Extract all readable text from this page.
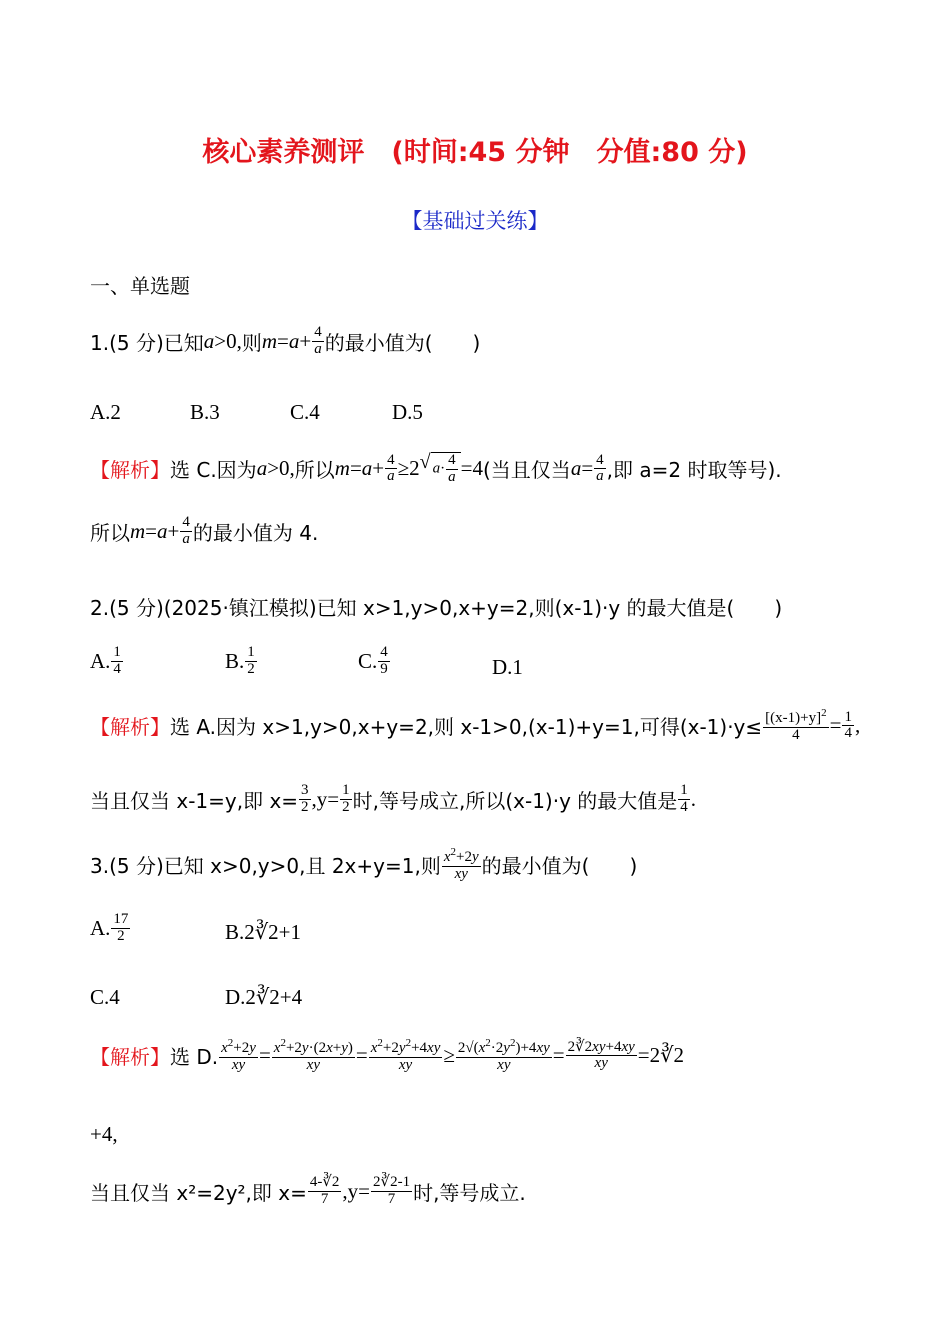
核心素养测评　(时间:45 分钟　分值:80 分)
【基础过关练】
一、单选题
1.(5 分)已知 a >0, 则 $m = a + \frac{4}{a}$ 的最小值为(　　)
A.2	B.3	C.4	D.5
【解析】 选 C.因为 a >0, 所以 $m = a + \frac{4}{a} \ge 2$ √ $a\cdot \frac{4}{a} =4$ (当且仅当 $a = \frac{4}{a}$ ,即 a=2 时取等号).
所以 $m = a + \frac{4}{a}$ 的最小值为 4.
2.(5 分)(2025·镇江模拟)已知 x>1,y>0,x+y=2,则(x-1)·y 的最大值是(　　)
A. $\frac{1}{4}$	B. $\frac{1}{2}$	C. $\frac{4}{9}$	D.1
【解析】 选 A.因为 x>1,y>0,x+y=2,则 x-1>0,(x-1)+y=1,可得$(x-1)\cdot y\le \frac{[(x-1)+y]^2}{4} = \frac{1}{4}$ ,
当且仅当 x-1=y,即 $x= \frac{3}{2} ,y= \frac{1}{2}$ 时,等号成立,所以(x-1)·y 的最大值是 $\frac{1}{4}$ .
3.(5 分)已知 x>0,y>0,且 2x+y=1,则 $\frac{x^2+2y}{xy}$ 的最小值为(　　)
A. $\frac{17}{2}$	B.2∛2+1
C.4	D.2∛2+4
【解析】 选 D. $\frac{x^2+2y}{xy} = \frac{x^2+2y\cdot(2x+y)}{xy} = \frac{x^2+2y^2+4xy}{xy} \ge \frac{2√(x^2\cdot 2y^2)+4xy}{xy} = \frac{2∛2xy+4xy}{xy}$ =2∛2
+4,
当且仅当 x²=2y²,即 $x= \frac{4-∛2}{7} ,y= \frac{2∛2-1}{7}$ 时,等号成立.
